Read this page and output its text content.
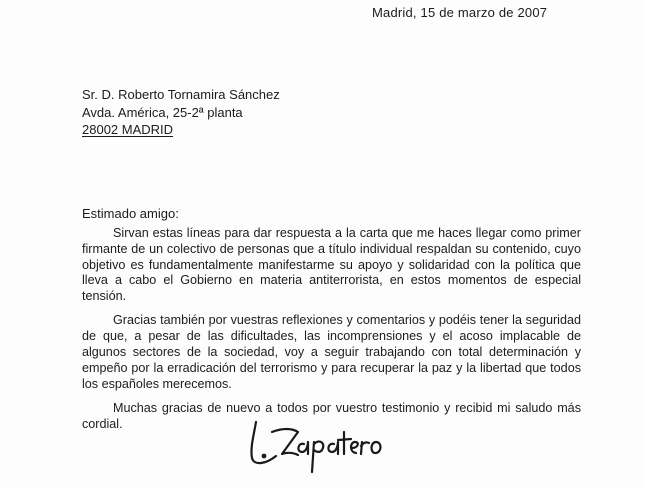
Madrid, 15 de marzo de 2007
Sr. D. Roberto Tornamira Sánchez
Avda. América, 25-2ª planta
28002 MADRID
Estimado amigo:

Sirvan estas líneas para dar respuesta a la carta que me haces llegar como primer firmante de un colectivo de personas que a título individual respaldan su contenido, cuyo objetivo es fundamentalmente manifestarme su apoyo y solidaridad con la política que lleva a cabo el Gobierno en materia antiterrorista, en estos momentos de especial tensión.

Gracias también por vuestras reflexiones y comentarios y podéis tener la seguridad de que, a pesar de las dificultades, las incomprensiones y el acoso implacable de algunos sectores de la sociedad, voy a seguir trabajando con total determinación y empeño por la erradicación del terrorismo y para recuperar la paz y la libertad que todos los españoles merecemos.

Muchas gracias de nuevo a todos por vuestro testimonio y recibid mi saludo más cordial.
